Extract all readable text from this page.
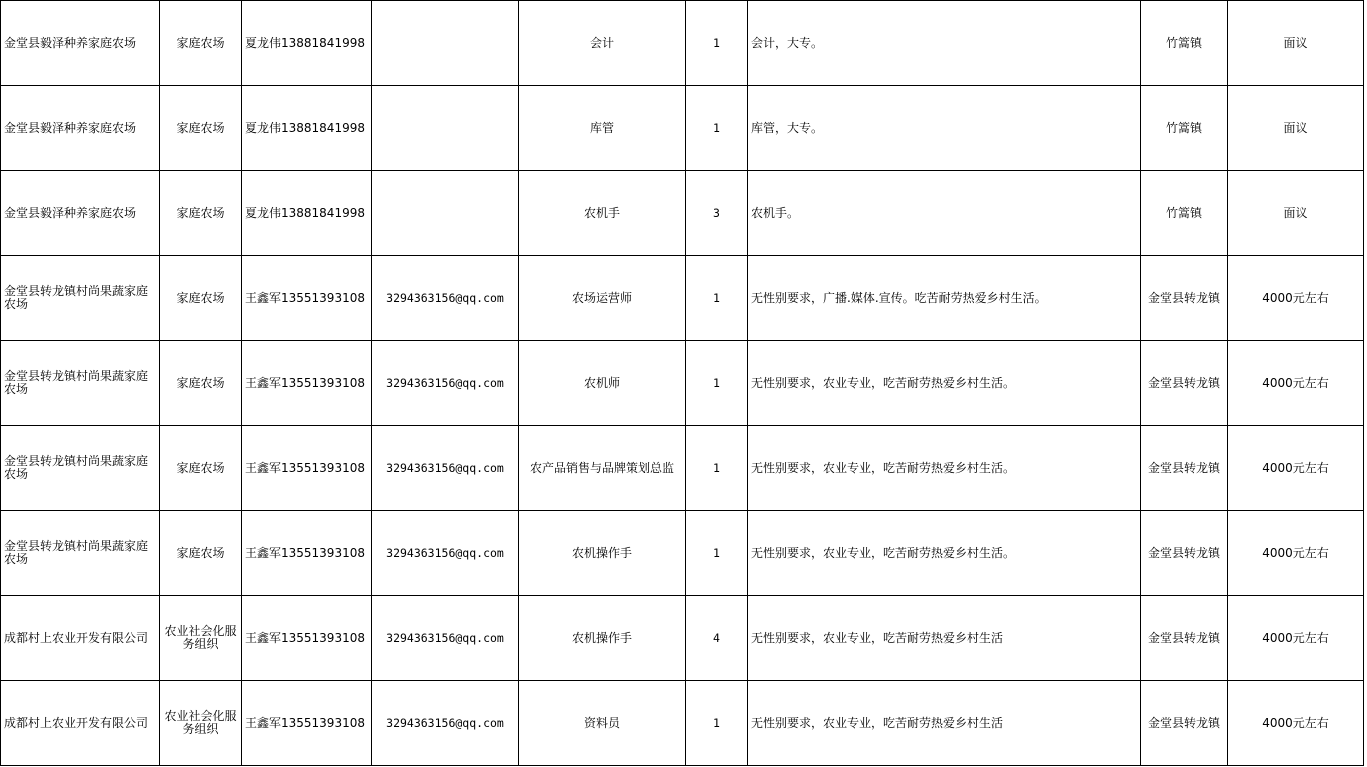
金堂县毅泽种养家庭农场	家庭农场	夏龙伟13881841998		会计	1	会计，大专。	竹篙镇	面议
金堂县毅泽种养家庭农场	家庭农场	夏龙伟13881841998		库管	1	库管，大专。	竹篙镇	面议
金堂县毅泽种养家庭农场	家庭农场	夏龙伟13881841998		农机手	3	农机手。	竹篙镇	面议
金堂县转龙镇村尚果蔬家庭农场	家庭农场	王鑫军13551393108	3294363156@qq.com	农场运营师	1	无性别要求，广播.媒体.宣传。吃苦耐劳热爱乡村生活。	金堂县转龙镇	4000元左右
金堂县转龙镇村尚果蔬家庭农场	家庭农场	王鑫军13551393108	3294363156@qq.com	农机师	1	无性别要求，农业专业，吃苦耐劳热爱乡村生活。	金堂县转龙镇	4000元左右
金堂县转龙镇村尚果蔬家庭农场	家庭农场	王鑫军13551393108	3294363156@qq.com	农产品销售与品牌策划总监	1	无性别要求，农业专业，吃苦耐劳热爱乡村生活。	金堂县转龙镇	4000元左右
金堂县转龙镇村尚果蔬家庭农场	家庭农场	王鑫军13551393108	3294363156@qq.com	农机操作手	1	无性别要求，农业专业，吃苦耐劳热爱乡村生活。	金堂县转龙镇	4000元左右
成都村上农业开发有限公司	农业社会化服务组织	王鑫军13551393108	3294363156@qq.com	农机操作手	4	无性别要求，农业专业，吃苦耐劳热爱乡村生活	金堂县转龙镇	4000元左右
成都村上农业开发有限公司	农业社会化服务组织	王鑫军13551393108	3294363156@qq.com	资料员	1	无性别要求，农业专业，吃苦耐劳热爱乡村生活	金堂县转龙镇	4000元左右
